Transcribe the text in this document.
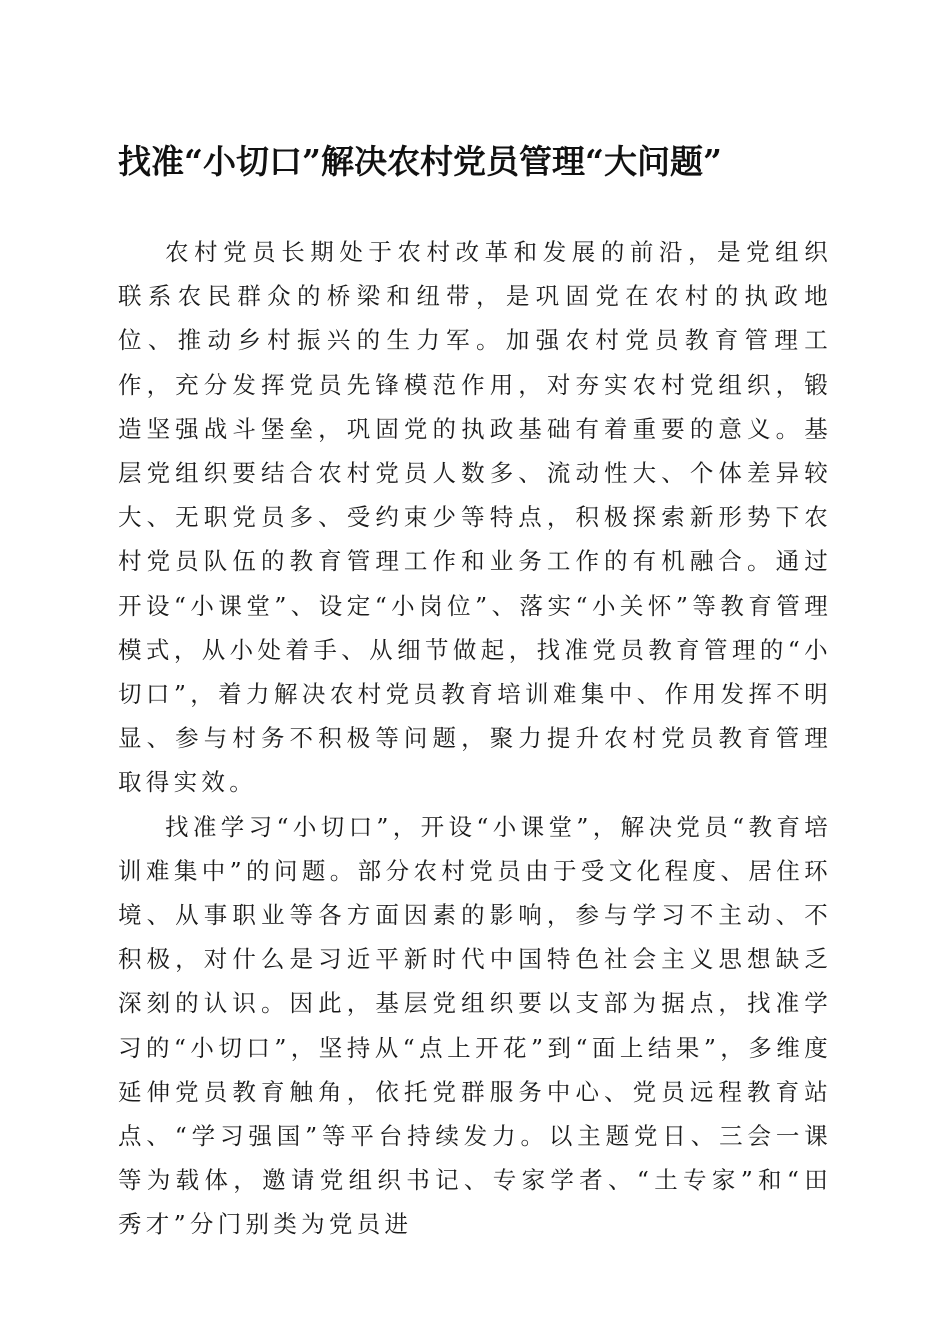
找准“小切口”解决农村党员管理“大问题”

农村党员长期处于农村改革和发展的前沿，是党组织联系农民群众的桥梁和纽带，是巩固党在农村的执政地位、推动乡村振兴的生力军。加强农村党员教育管理工作，充分发挥党员先锋模范作用，对夯实农村党组织，锻造坚强战斗堡垒，巩固党的执政基础有着重要的意义。基层党组织要结合农村党员人数多、流动性大、个体差异较大、无职党员多、受约束少等特点，积极探索新形势下农村党员队伍的教育管理工作和业务工作的有机融合。通过开设“小课堂”、设定“小岗位”、落实“小关怀”等教育管理模式，从小处着手、从细节做起，找准党员教育管理的“小切口”，着力解决农村党员教育培训难集中、作用发挥不明显、参与村务不积极等问题，聚力提升农村党员教育管理取得实效。

找准学习“小切口”，开设“小课堂”，解决党员“教育培训难集中”的问题。部分农村党员由于受文化程度、居住环境、从事职业等各方面因素的影响，参与学习不主动、不积极，对什么是习近平新时代中国特色社会主义思想缺乏深刻的认识。因此，基层党组织要以支部为据点，找准学习的“小切口”，坚持从“点上开花”到“面上结果”，多维度延伸党员教育触角，依托党群服务中心、党员远程教育站点、“学习强国”等平台持续发力。以主题党日、三会一课等为载体，邀请党组织书记、专家学者、“土专家”和“田秀才”分门别类为党员进
